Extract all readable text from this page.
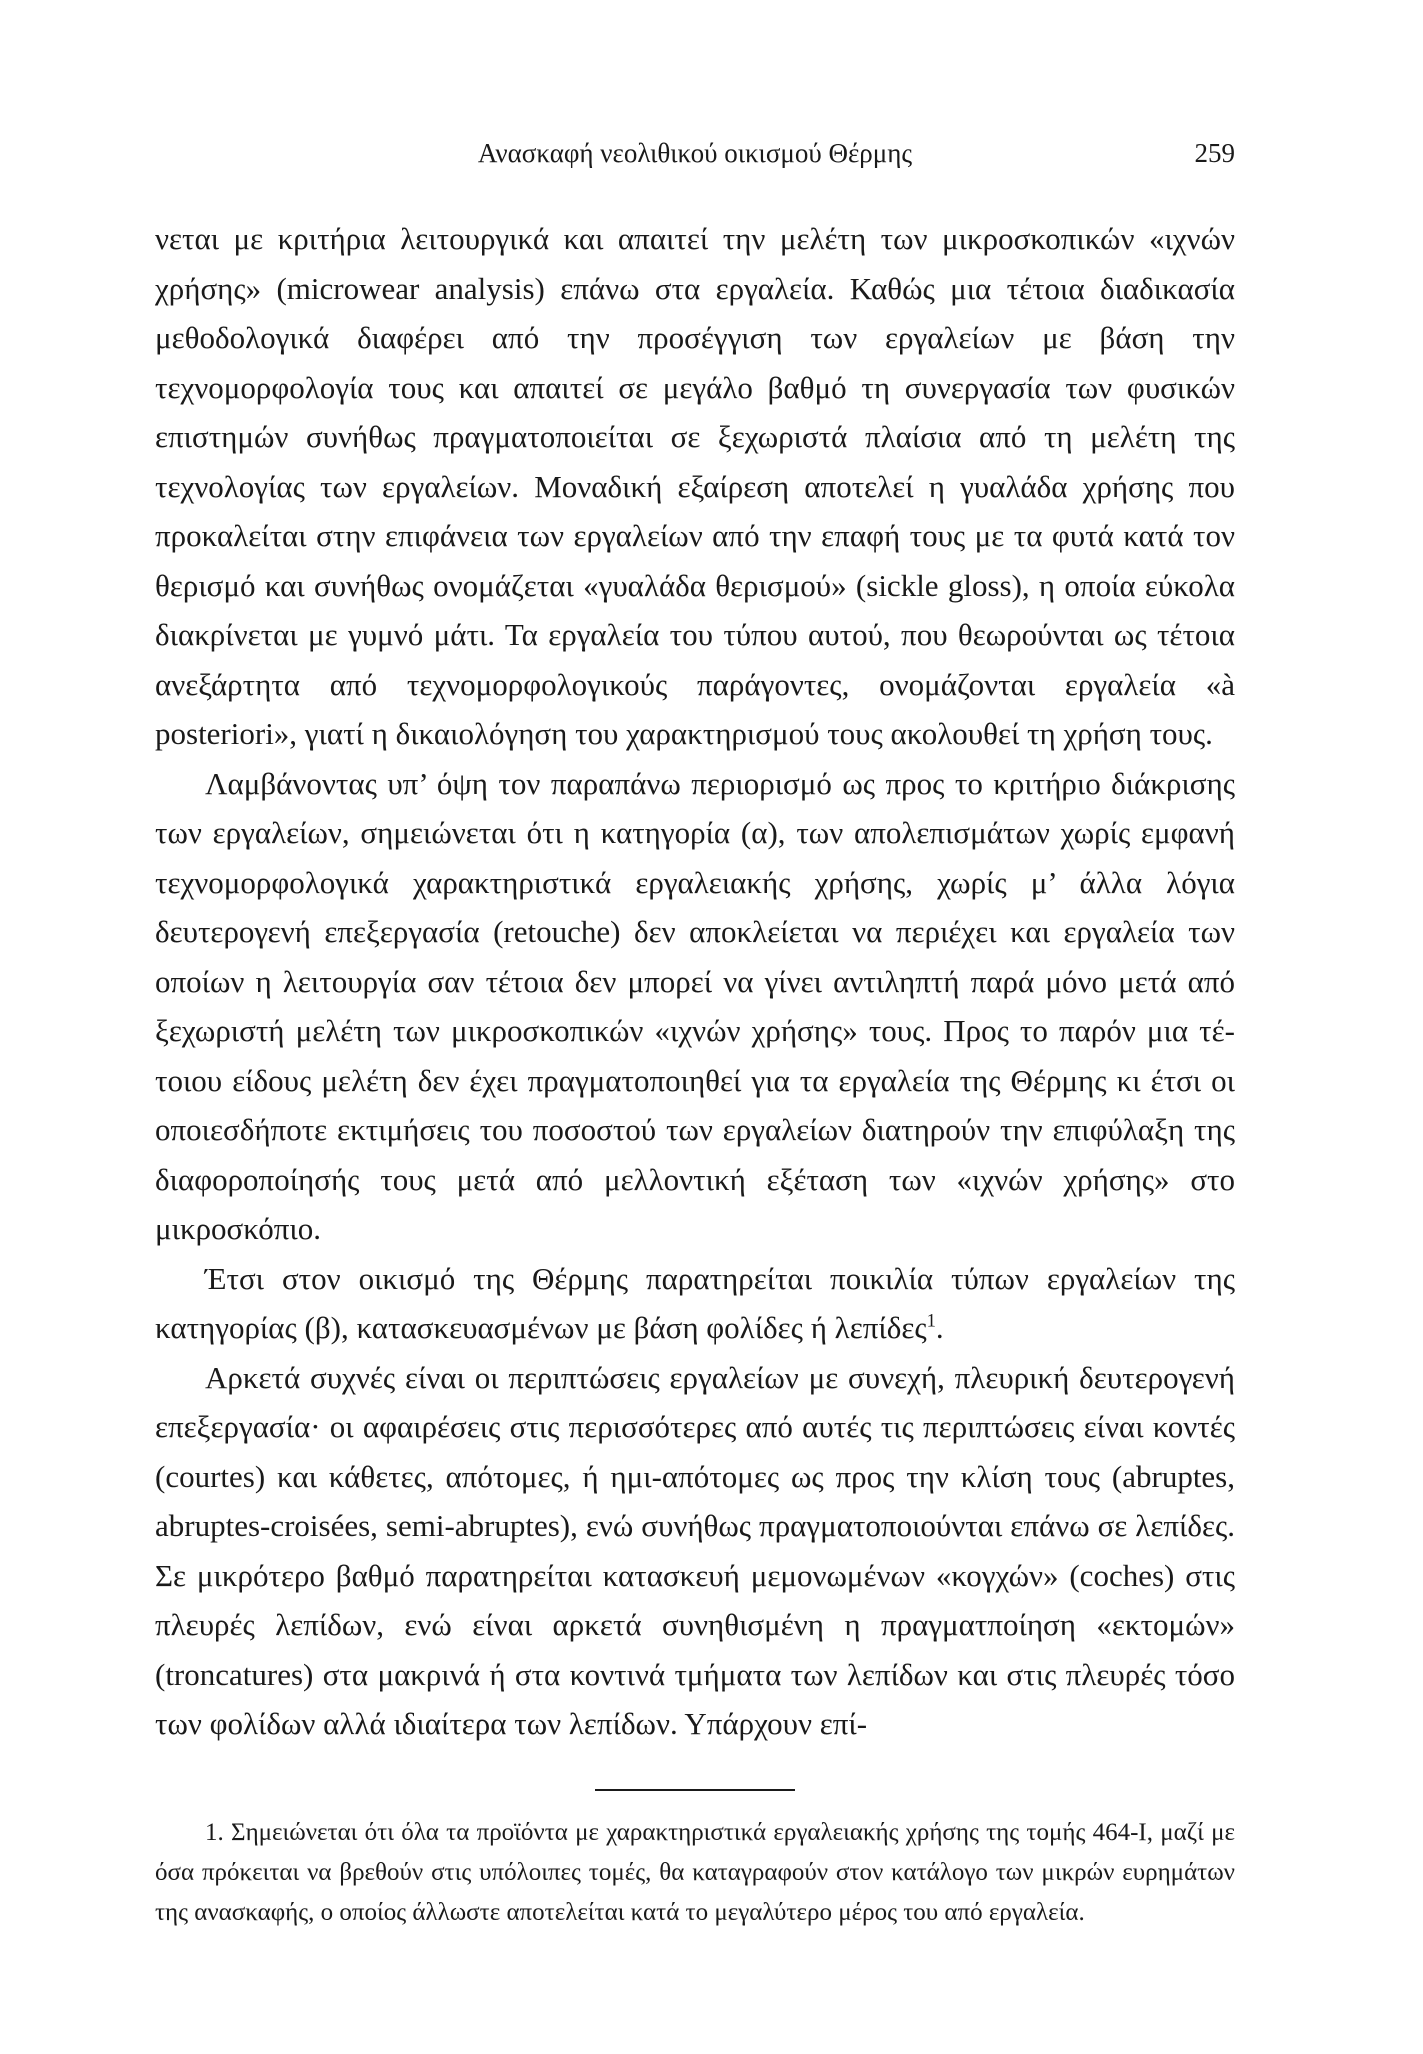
Ανασκαφή νεολιθικού οικισμού Θέρμης	259

νεται με κριτήρια λειτουργικά και απαιτεί την μελέτη των μικροσκοπικών «ιχνών χρήσης» (microwear analysis) επάνω στα εργαλεία. Καθώς μια τέτοια διαδικασία μεθοδολογικά διαφέρει από την προσέγγιση των εργαλείων με βάση την τεχνομορφολογία τους και απαιτεί σε μεγάλο βαθμό τη συνεργασία των φυσικών επιστημών συνήθως πραγματοποιείται σε ξεχωριστά πλαίσια από τη μελέτη της τεχνολογίας των εργαλείων. Μοναδική εξαίρεση αποτελεί η γυαλάδα χρήσης που προκαλείται στην επιφάνεια των εργαλείων από την επαφή τους με τα φυτά κατά τον θερισμό και συνήθως ονομάζεται «γυαλάδα θερισμού» (sickle gloss), η οποία εύκολα διακρίνεται με γυμνό μάτι. Τα εργαλεία του τύπου αυτού, που θεωρούνται ως τέτοια ανεξάρτητα από τεχνομορφολογικούς παράγοντες, ονομάζονται εργαλεία «à posteriori», γιατί η δικαιολόγηση του χαρακτηρισμού τους ακολουθεί τη χρήση τους.

Λαμβάνοντας υπ’ όψη τον παραπάνω περιορισμό ως προς το κριτήριο διάκρισης των εργαλείων, σημειώνεται ότι η κατηγορία (α), των απολεπισμάτων χωρίς εμφανή τεχνομορφολογικά χαρακτηριστικά εργαλειακής χρήσης, χωρίς μ’ άλλα λόγια δευτερογενή επεξεργασία (retouche) δεν αποκλείεται να περιέχει και εργαλεία των οποίων η λειτουργία σαν τέτοια δεν μπορεί να γίνει αντιληπτή παρά μόνο μετά από ξεχωριστή μελέτη των μικροσκοπικών «ιχνών χρήσης» τους. Προς το παρόν μια τέτοιου είδους μελέτη δεν έχει πραγματοποιηθεί για τα εργαλεία της Θέρμης κι έτσι οι οποιεσδήποτε εκτιμήσεις του ποσοστού των εργαλείων διατηρούν την επιφύλαξη της διαφοροποίησής τους μετά από μελλοντική εξέταση των «ιχνών χρήσης» στο μικροσκόπιο.

Έτσι στον οικισμό της Θέρμης παρατηρείται ποικιλία τύπων εργαλείων της κατηγορίας (β), κατασκευασμένων με βάση φολίδες ή λεπίδες$^1$.

Αρκετά συχνές είναι οι περιπτώσεις εργαλείων με συνεχή, πλευρική δευτερογενή επεξεργασία· οι αφαιρέσεις στις περισσότερες από αυτές τις περιπτώσεις είναι κοντές (courtes) και κάθετες, απότομες, ή ημι-απότομες ως προς την κλίση τους (abruptes, abruptes-croisées, semi-abruptes), ενώ συνήθως πραγματοποιούνται επάνω σε λεπίδες. Σε μικρότερο βαθμό παρατηρείται κατασκευή μεμονωμένων «κογχών» (coches) στις πλευρές λεπίδων, ενώ είναι αρκετά συνηθισμένη η πραγματποίηση «εκτομών» (troncatures) στα μακρινά ή στα κοντινά τμήματα των λεπίδων και στις πλευρές τόσο των φολίδων αλλά ιδιαίτερα των λεπίδων. Υπάρχουν επί-

1. Σημειώνεται ότι όλα τα προϊόντα με χαρακτηριστικά εργαλειακής χρήσης της τομής 464-Ι, μαζί με όσα πρόκειται να βρεθούν στις υπόλοιπες τομές, θα καταγραφούν στον κατάλογο των μικρών ευρημάτων της ανασκαφής, ο οποίος άλλωστε αποτελείται κατά το μεγαλύτερο μέρος του από εργαλεία.
